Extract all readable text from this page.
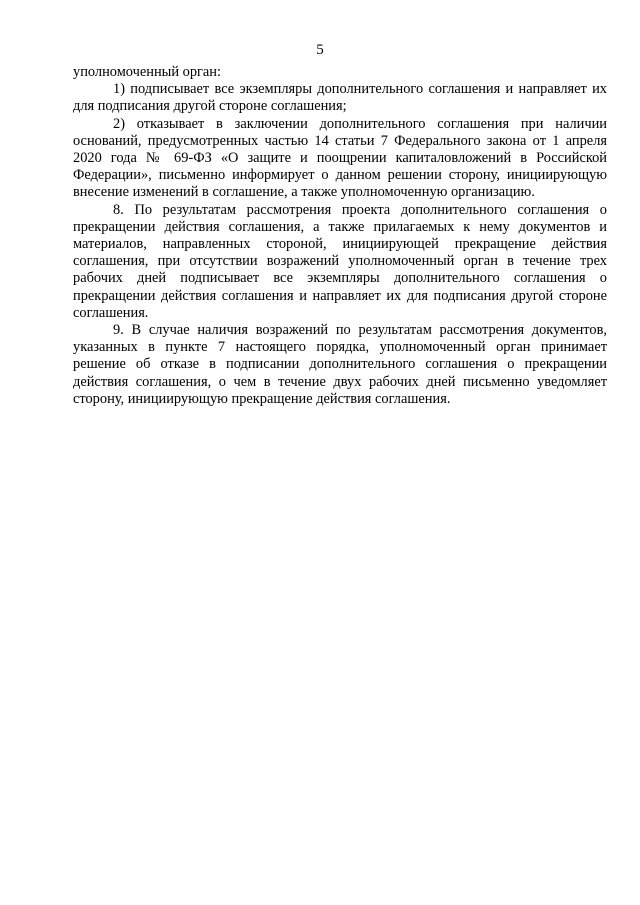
5

уполномоченный орган:

1) подписывает все экземпляры дополнительного соглашения и направляет их для подписания другой стороне соглашения;

2) отказывает в заключении дополнительного соглашения при наличии оснований, предусмотренных частью 14 статьи 7 Федерального закона от 1 апреля 2020 года № 69-ФЗ «О защите и поощрении капиталовложений в Российской Федерации», письменно информирует о данном решении сторону, инициирующую внесение изменений в соглашение, а также уполномоченную организацию.

8. По результатам рассмотрения проекта дополнительного соглашения о прекращении действия соглашения, а также прилагаемых к нему документов и материалов, направленных стороной, инициирующей прекращение действия соглашения, при отсутствии возражений уполномоченный орган в течение трех рабочих дней подписывает все экземпляры дополнительного соглашения о прекращении действия соглашения и направляет их для подписания другой стороне соглашения.

9. В случае наличия возражений по результатам рассмотрения документов, указанных в пункте 7 настоящего порядка, уполномоченный орган принимает решение об отказе в подписании дополнительного соглашения о прекращении действия соглашения, о чем в течение двух рабочих дней письменно уведомляет сторону, инициирующую прекращение действия соглашения.
